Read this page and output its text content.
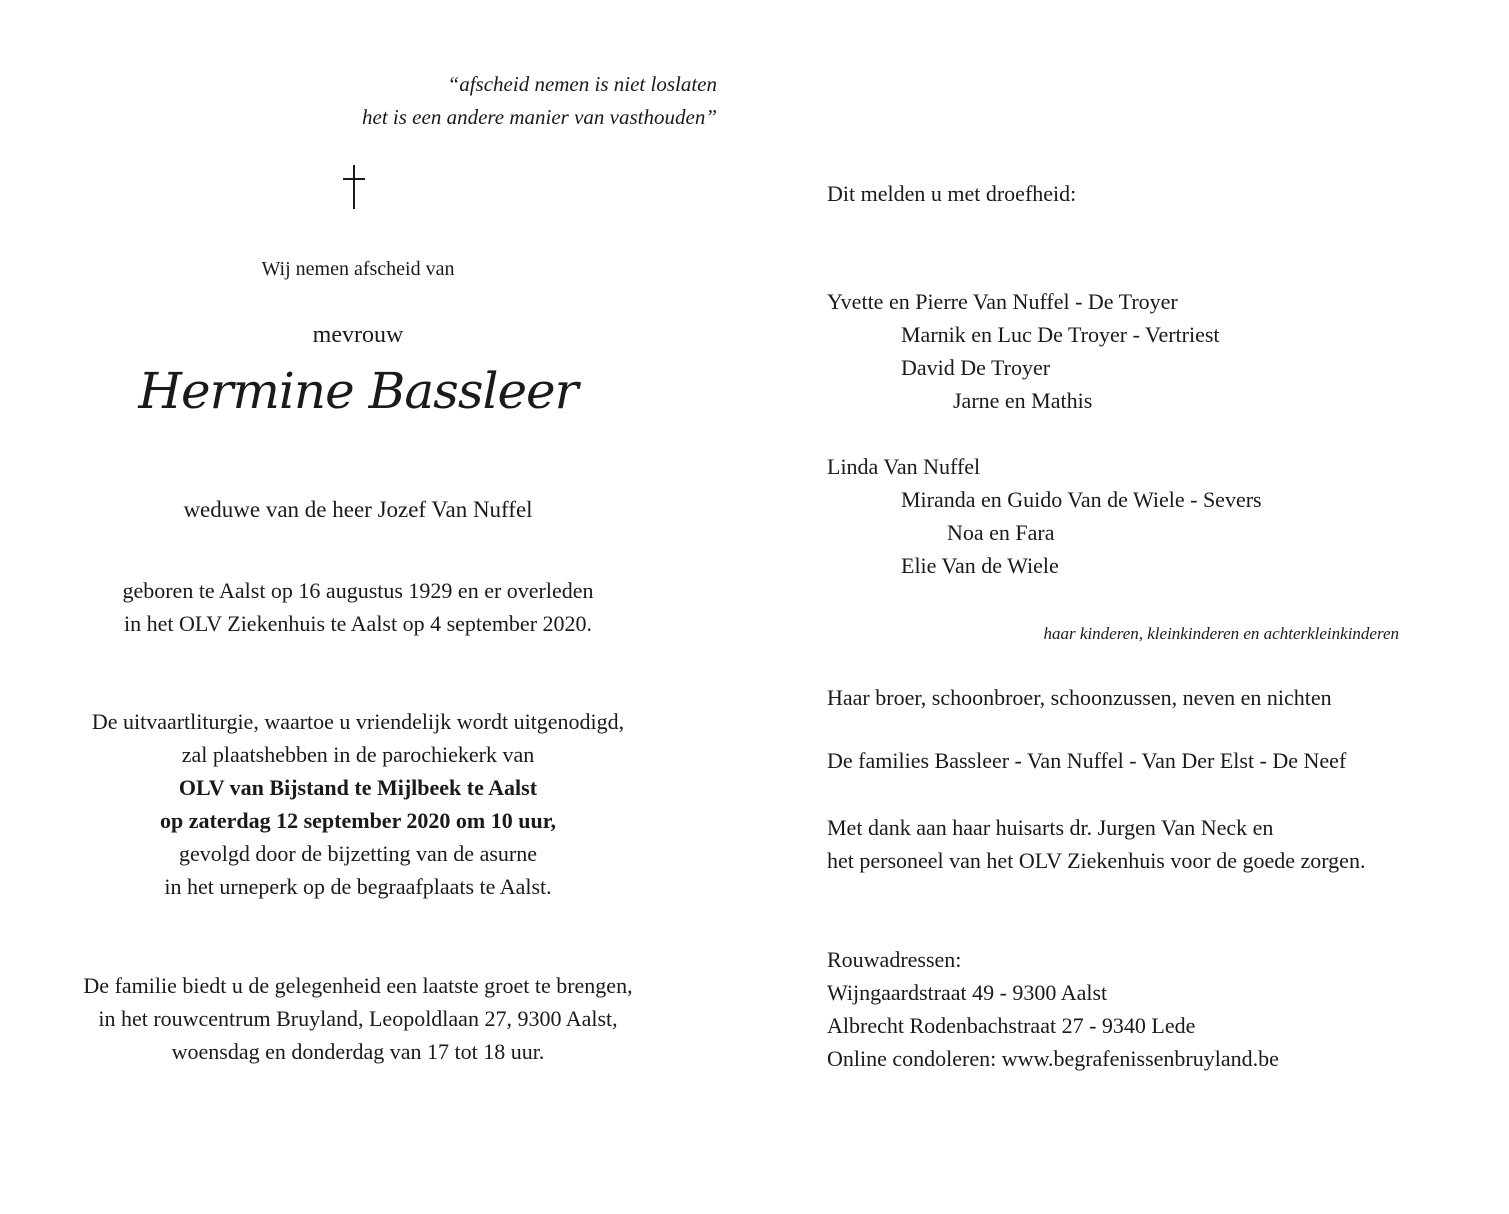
“afscheid nemen is niet loslaten
het is een andere manier van vasthouden”
Wij nemen afscheid van
mevrouw
Hermine Bassleer
weduwe van de heer Jozef Van Nuffel
geboren te Aalst op 16 augustus 1929 en er overleden
in het OLV Ziekenhuis te Aalst op 4 september 2020.
De uitvaartliturgie, waartoe u vriendelijk wordt uitgenodigd,
zal plaatshebben in de parochiekerk van
OLV van Bijstand te Mijlbeek te Aalst
op zaterdag 12 september 2020 om 10 uur,
gevolgd door de bijzetting van de asurne
in het urneperk op de begraafplaats te Aalst.
De familie biedt u de gelegenheid een laatste groet te brengen,
in het rouwcentrum Bruyland, Leopoldlaan 27, 9300 Aalst,
woensdag en donderdag van 17 tot 18 uur.
Dit melden u met droefheid:
Yvette en Pierre Van Nuffel - De Troyer
Marnik en Luc De Troyer - Vertriest
David De Troyer
Jarne en Mathis
Linda Van Nuffel
Miranda en Guido Van de Wiele - Severs
Noa en Fara
Elie Van de Wiele
haar kinderen, kleinkinderen en achterkleinkinderen
Haar broer, schoonbroer, schoonzussen, neven en nichten
De families Bassleer - Van Nuffel - Van Der Elst - De Neef
Met dank aan haar huisarts dr. Jurgen Van Neck en
het personeel van het OLV Ziekenhuis voor de goede zorgen.
Rouwadressen:
Wijngaardstraat 49 - 9300 Aalst
Albrecht Rodenbachstraat 27 - 9340 Lede
Online condoleren: www.begrafenissenbruyland.be
